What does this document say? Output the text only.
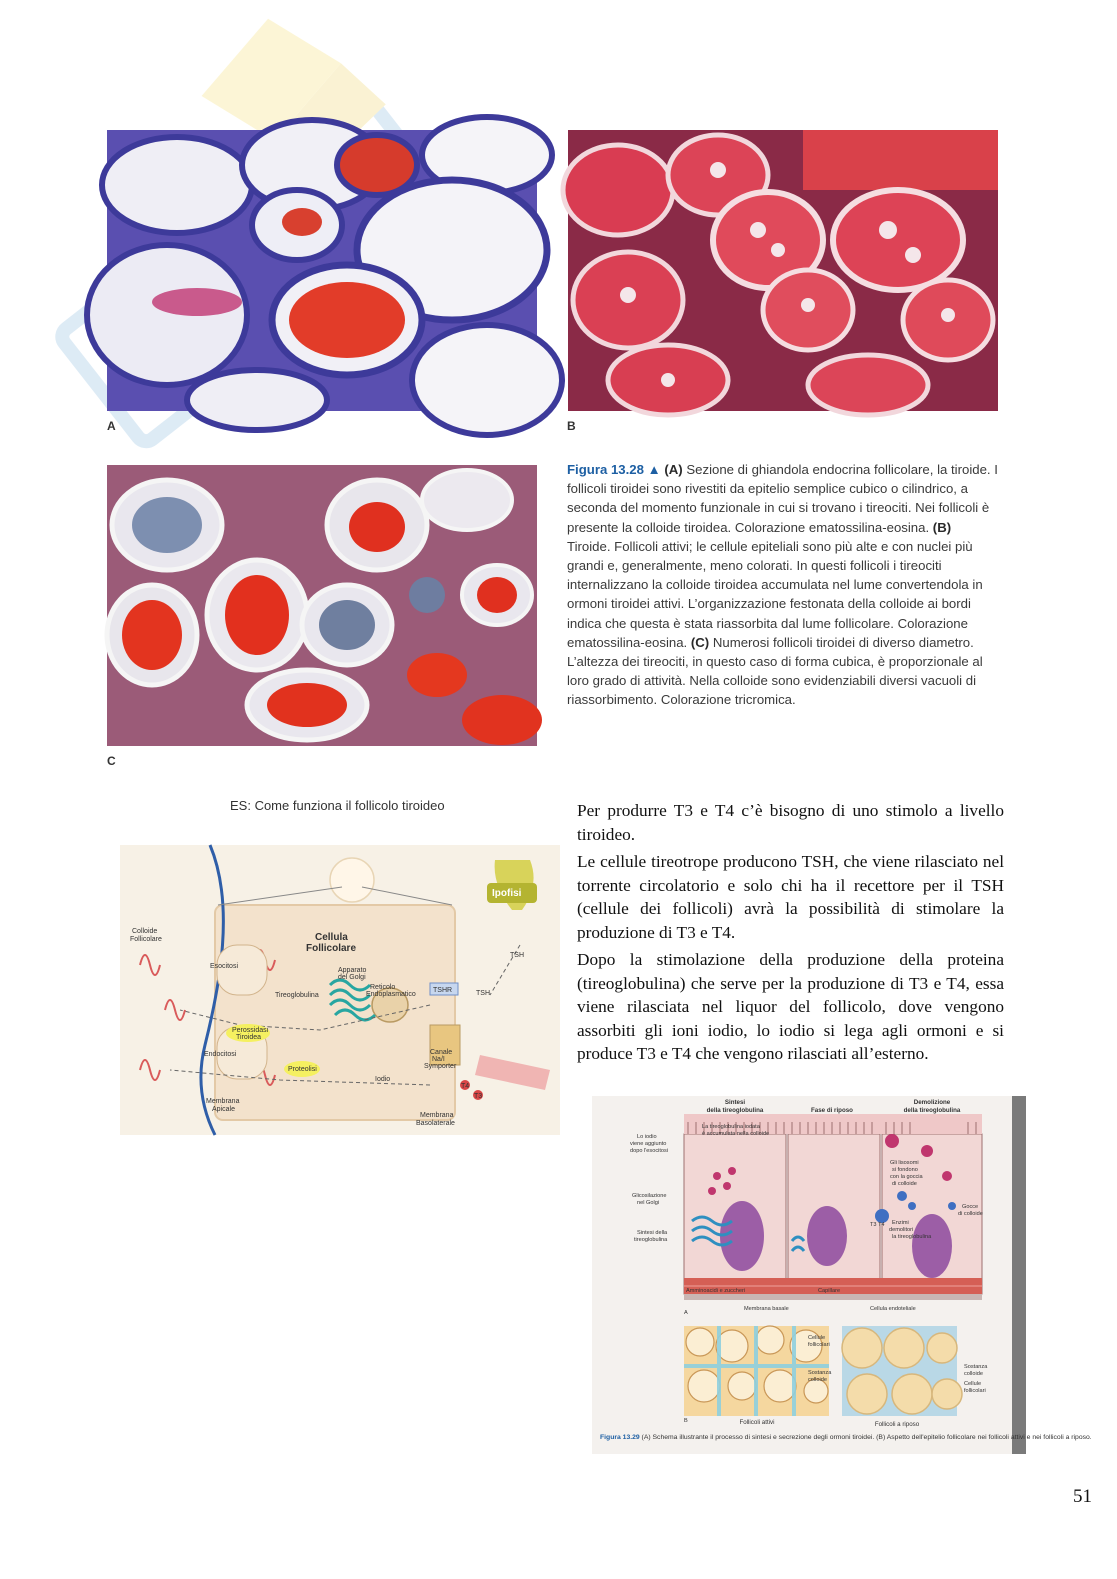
A	B
C
Figura 13.28 ▲ (A) Sezione di ghiandola endocrina follicolare, la tiroide. I follicoli tiroidei sono rivestiti da epitelio semplice cubico o cilindrico, a seconda del momento funzionale in cui si trovano i tireociti. Nei follicoli è presente la colloide tiroidea. Colorazione ematossilina-eosina. (B) Tiroide. Follicoli attivi; le cellule epiteliali sono più alte e con nuclei più grandi e, generalmente, meno colorati. In questi follicoli i tireociti internalizzano la colloide tiroidea accumulata nel lume convertendola in ormoni tiroidei attivi. L’organizzazione festonata della colloide ai bordi indica che questa è stata riassorbita dal lume follicolare. Colorazione ematossilina-eosina. (C) Numerosi follicoli tiroidei di diverso diametro. L’altezza dei tireociti, in questo caso di forma cubica, è proporzionale al loro grado di attività. Nella colloide sono evidenziabili diversi vacuoli di riassorbimento. Colorazione tricromica.
ES: Come funziona il follicolo tiroideo
Colloide
Follicolare
Esocitosi
Endocitosi
Apparato
del Golgi
Reticolo
Endoplasmatico
Tireoglobulina
Perossidasi
Tiroidea
Proteolisi
Canale
Na/I
Symporter
Iodio
Membrana
Apicale
Membrana
Basolaterale
TSH
TSH
TSHR
T4
T3
Cellula
Follicolare
Ipofisi

Per produrre T3 e T4 c’è bisogno di uno stimolo a livello tiroideo.

Le cellule tireotrope producono TSH, che viene rilasciato nel torrente circolatorio e solo chi ha il recettore per il TSH (cellule dei follicoli) avrà la possibilità di stimolare la produzione di T3 e T4.

Dopo la stimolazione della produzione della proteina (tireoglobulina) che serve per la produzione di T3 e T4, essa viene rilasciata nel liquor del follicolo, dove vengono assorbiti gli ioni iodio, lo iodio si lega agli ormoni e si produce T3 e T4 che vengono rilasciati all’esterno.

Sintesi
della tireoglobulina	Fase di riposo
Demolizione
della tireoglobulina
Follicoli attivi	Follicoli a riposo
Lo iodio
viene aggiunto
dopo l'esocitosi
Glicosilazione
nel Golgi
Sintesi della
tireoglobulina
La tireoglobulina iodata
è accumulata nella colloide
Gli lisosomi
si fondono
con la goccia
di colloide
Gocce
di colloide
Enzimi
demolitori
la tireoglobulina
T3 T4
Amminoacidi e zuccheri	Capillare
Membrana basale	Cellula endoteliale
A
B
Cellule
follicolari
Sostanza
colloide
Sostanza
colloide
Cellule
follicolari
Figura 13.29 (A) Schema illustrante il processo di sintesi e secrezione degli ormoni tiroidei. (B) Aspetto dell'epitelio follicolare nei follicoli attivi e nei follicoli a riposo.
51
